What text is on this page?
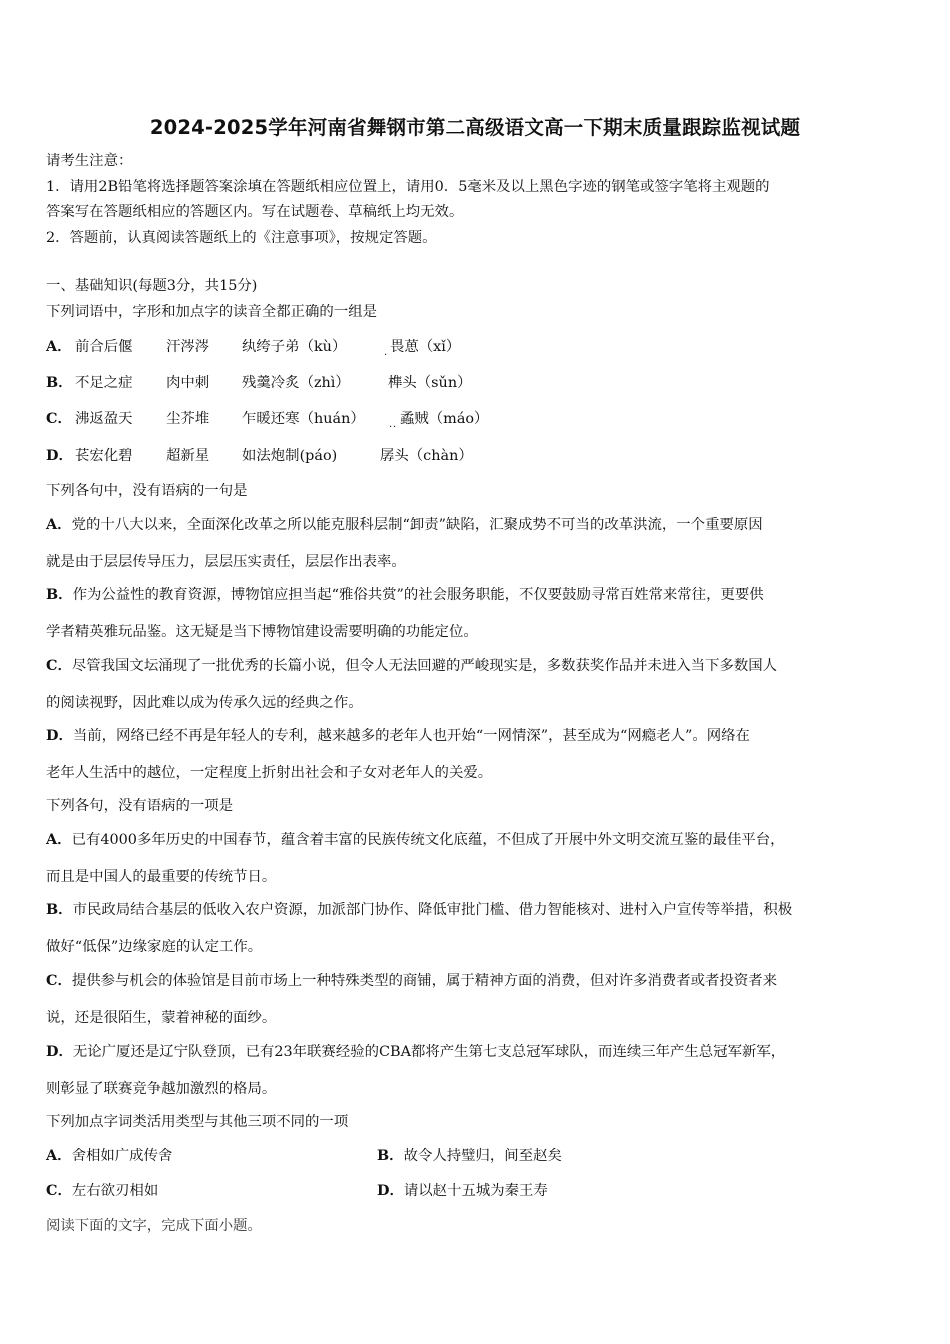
2024-2025学年河南省舞钢市第二高级语文高一下期末质量跟踪监视试题
请考生注意：
1．请用2B铅笔将选择题答案涂填在答题纸相应位置上，请用0．5毫米及以上黑色字迹的钢笔或签字笔将主观题的
答案写在答题纸相应的答题区内。写在试题卷、草稿纸上均无效。
2．答题前，认真阅读答题纸上的《注意事项》，按规定答题。
一、基础知识(每题3分，共15分)
下列词语中，字形和加点字的读音全都正确的一组是
A． 前合后偃 汗涔涔 纨绔子弟（kù）	畏葸（xǐ）
·
B． 不足之症 肉中刺 残羹冷炙（zhì）	榫头（sǔn）
C． 沸返盈天 尘芥堆 乍暖还寒（huán） 蟊贼（máo）
· ·
D． 苌宏化碧 超新星 如法炮制(páo)	孱头（chàn）
下列各句中，没有语病的一句是
A．党的十八大以来，全面深化改革之所以能克服科层制“卸责”缺陷，汇聚成势不可当的改革洪流，一个重要原因
就是由于层层传导压力，层层压实责任，层层作出表率。
B．作为公益性的教育资源，博物馆应担当起“雅俗共赏”的社会服务职能，不仅要鼓励寻常百姓常来常往，更要供
学者精英雅玩品鉴。这无疑是当下博物馆建设需要明确的功能定位。
C．尽管我国文坛涌现了一批优秀的长篇小说，但令人无法回避的严峻现实是，多数获奖作品并未进入当下多数国人
的阅读视野，因此难以成为传承久远的经典之作。
D．当前，网络已经不再是年轻人的专利，越来越多的老年人也开始“一网情深”，甚至成为“网瘾老人”。网络在
老年人生活中的越位，一定程度上折射出社会和子女对老年人的关爱。
下列各句，没有语病的一项是
A．已有4000多年历史的中国春节，蕴含着丰富的民族传统文化底蕴，不但成了开展中外文明交流互鉴的最佳平台，
而且是中国人的最重要的传统节日。
B．市民政局结合基层的低收入农户资源，加派部门协作、降低审批门槛、借力智能核对、进村入户宣传等举措，积极
做好“低保”边缘家庭的认定工作。
C．提供参与机会的体验馆是目前市场上一种特殊类型的商铺，属于精神方面的消费，但对许多消费者或者投资者来
说，还是很陌生，蒙着神秘的面纱。
D．无论广厦还是辽宁队登顶，已有23年联赛经验的CBA都将产生第七支总冠军球队，而连续三年产生总冠军新军，
则彰显了联赛竞争越加激烈的格局。
下列加点字词类活用类型与其他三项不同的一项
A．舍相如广成传舍	B．故令人持璧归，间至赵矣
C．左右欲刃相如	D．请以赵十五城为秦王寿
阅读下面的文字，完成下面小题。
